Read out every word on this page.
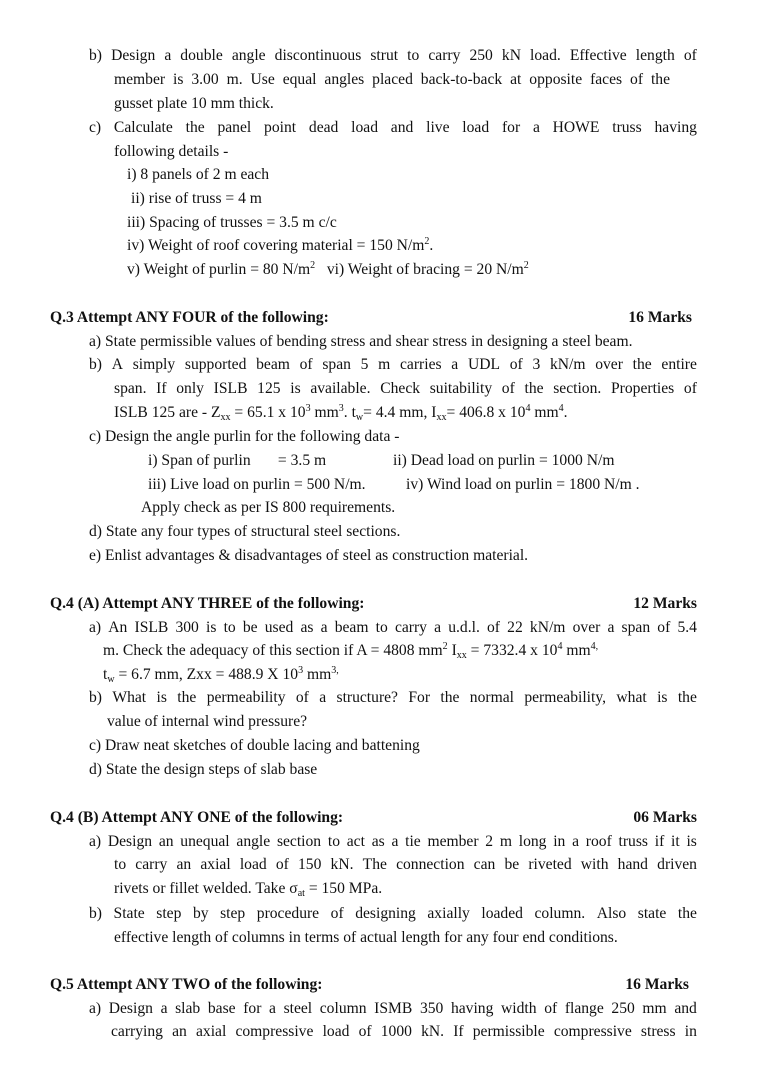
b) Design a double angle discontinuous strut to carry 250 kN load. Effective length of
member is 3.00 m. Use equal angles placed back-to-back at opposite faces of the
gusset plate 10 mm thick.
c) Calculate the panel point dead load and live load for a HOWE truss having
following details -
i) 8 panels of 2 m each
ii) rise of truss = 4 m
iii) Spacing of trusses = 3.5 m c/c
iv) Weight of roof covering material = 150 $N/m^2$.
v) Weight of purlin = 80 $N/m^2$ vi) Weight of bracing = 20 $N/m^2$
Q.3 Attempt ANY FOUR of the following:	16 Marks
a) State permissible values of bending stress and shear stress in designing a steel beam.
b) A simply supported beam of span 5 m carries a UDL of 3 kN/m over the entire
span. If only ISLB 125 is available. Check suitability of the section. Properties of
ISLB 125 are - $Z_{xx} = 65.1$ x $10^3$ $mm^3$. $t_w= 4.4$ mm, $I_{xx}= 406.8$ x $10^4$ $mm^4$.
c) Design the angle purlin for the following data -
i) Span of purlin       = 3.5 m	ii) Dead load on purlin = 1000 N/m
iii) Live load on purlin = 500 N/m.	iv) Wind load on purlin = 1800 N/m .
Apply check as per IS 800 requirements.
d) State any four types of structural steel sections.
e) Enlist advantages & disadvantages of steel as construction material.
Q.4 (A) Attempt ANY THREE of the following:	12 Marks
a) An ISLB 300 is to be used as a beam to carry a u.d.l. of 22 kN/m over a span of 5.4
m. Check the adequacy of this section if A = 4808 $mm^2$ $I_{xx} = 7332.4$ x $10^4$ $mm^{4,}$
$t_w = 6.7$ mm, Zxx = 488.9 X $10^3$ $mm^{3,}$
b) What is the permeability of a structure? For the normal permeability, what is the
value of internal wind pressure?
c) Draw neat sketches of double lacing and battening
d) State the design steps of slab base
Q.4 (B) Attempt ANY ONE of the following:	06 Marks
a) Design an unequal angle section to act as a tie member 2 m long in a roof truss if it is
to carry an axial load of 150 kN. The connection can be riveted with hand driven
rivets or fillet welded. Take $\sigma_{at} = 150$ MPa.
b) State step by step procedure of designing axially loaded column. Also state the
effective length of columns in terms of actual length for any four end conditions.
Q.5 Attempt ANY TWO of the following:	16 Marks
a) Design a slab base for a steel column ISMB 350 having width of flange 250 mm and
carrying an axial compressive load of 1000 kN. If permissible compressive stress in
